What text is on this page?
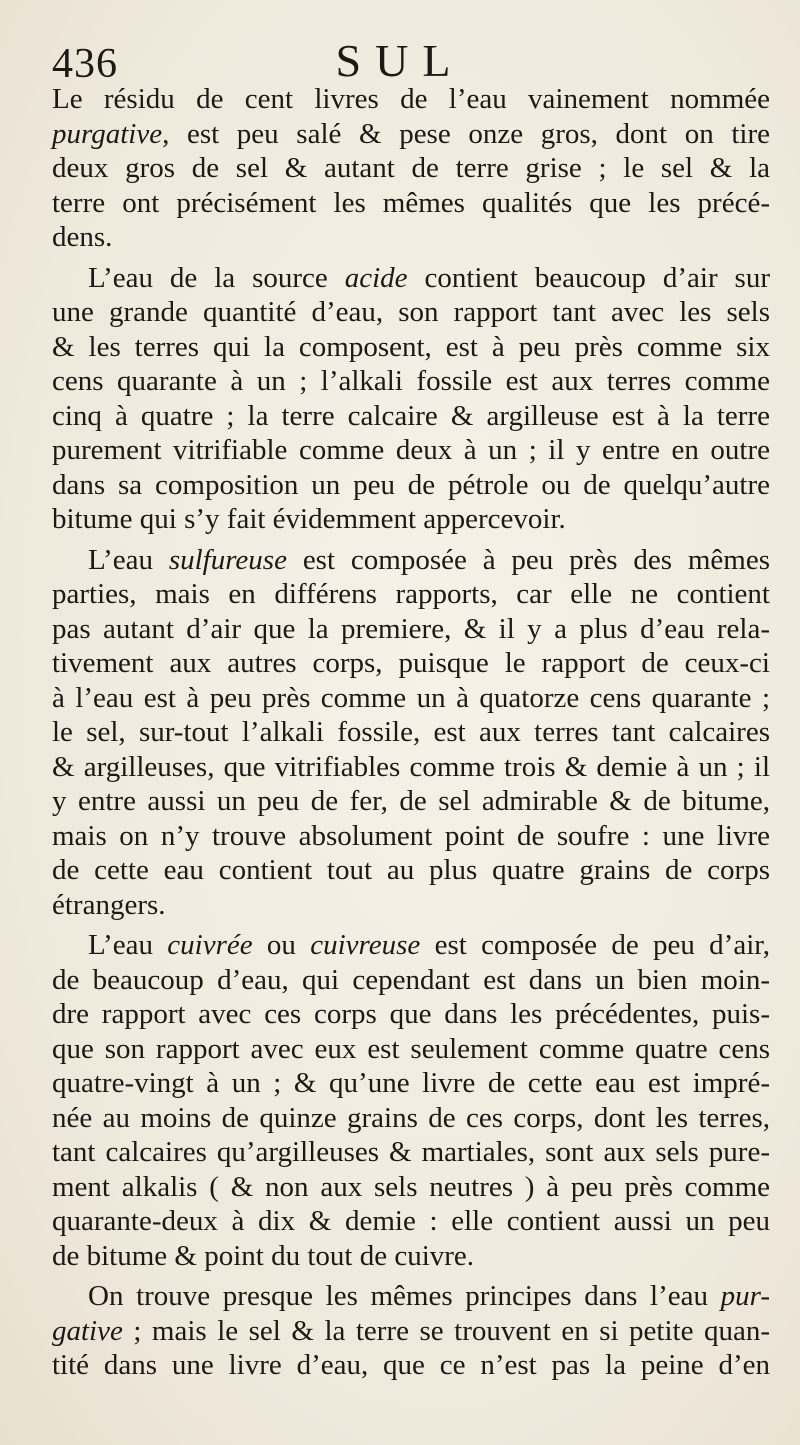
436	SUL
Le résidu de cent livres de l’eau vainement nommée
purgative, est peu salé & pese onze gros, dont on tire
deux gros de sel & autant de terre grise ; le sel & la
terre ont précisément les mêmes qualités que les précé-
dens.
L’eau de la source acide contient beaucoup d’air sur
une grande quantité d’eau, son rapport tant avec les sels
& les terres qui la composent, est à peu près comme six
cens quarante à un ; l’alkali fossile est aux terres comme
cinq à quatre ; la terre calcaire & argilleuse est à la terre
purement vitrifiable comme deux à un ; il y entre en outre
dans sa composition un peu de pétrole ou de quelqu’autre
bitume qui s’y fait évidemment appercevoir.
L’eau sulfureuse est composée à peu près des mêmes
parties, mais en différens rapports, car elle ne contient
pas autant d’air que la premiere, & il y a plus d’eau rela-
tivement aux autres corps, puisque le rapport de ceux-ci
à l’eau est à peu près comme un à quatorze cens quarante ;
le sel, sur-tout l’alkali fossile, est aux terres tant calcaires
& argilleuses, que vitrifiables comme trois & demie à un ; il
y entre aussi un peu de fer, de sel admirable & de bitume,
mais on n’y trouve absolument point de soufre : une livre
de cette eau contient tout au plus quatre grains de corps
étrangers.
L’eau cuivrée ou cuivreuse est composée de peu d’air,
de beaucoup d’eau, qui cependant est dans un bien moin-
dre rapport avec ces corps que dans les précédentes, puis-
que son rapport avec eux est seulement comme quatre cens
quatre-vingt à un ; & qu’une livre de cette eau est impré-
née au moins de quinze grains de ces corps, dont les terres,
tant calcaires qu’argilleuses & martiales, sont aux sels pure-
ment alkalis ( & non aux sels neutres ) à peu près comme
quarante-deux à dix & demie : elle contient aussi un peu
de bitume & point du tout de cuivre.
On trouve presque les mêmes principes dans l’eau pur-
gative ; mais le sel & la terre se trouvent en si petite quan-
tité dans une livre d’eau, que ce n’est pas la peine d’en
